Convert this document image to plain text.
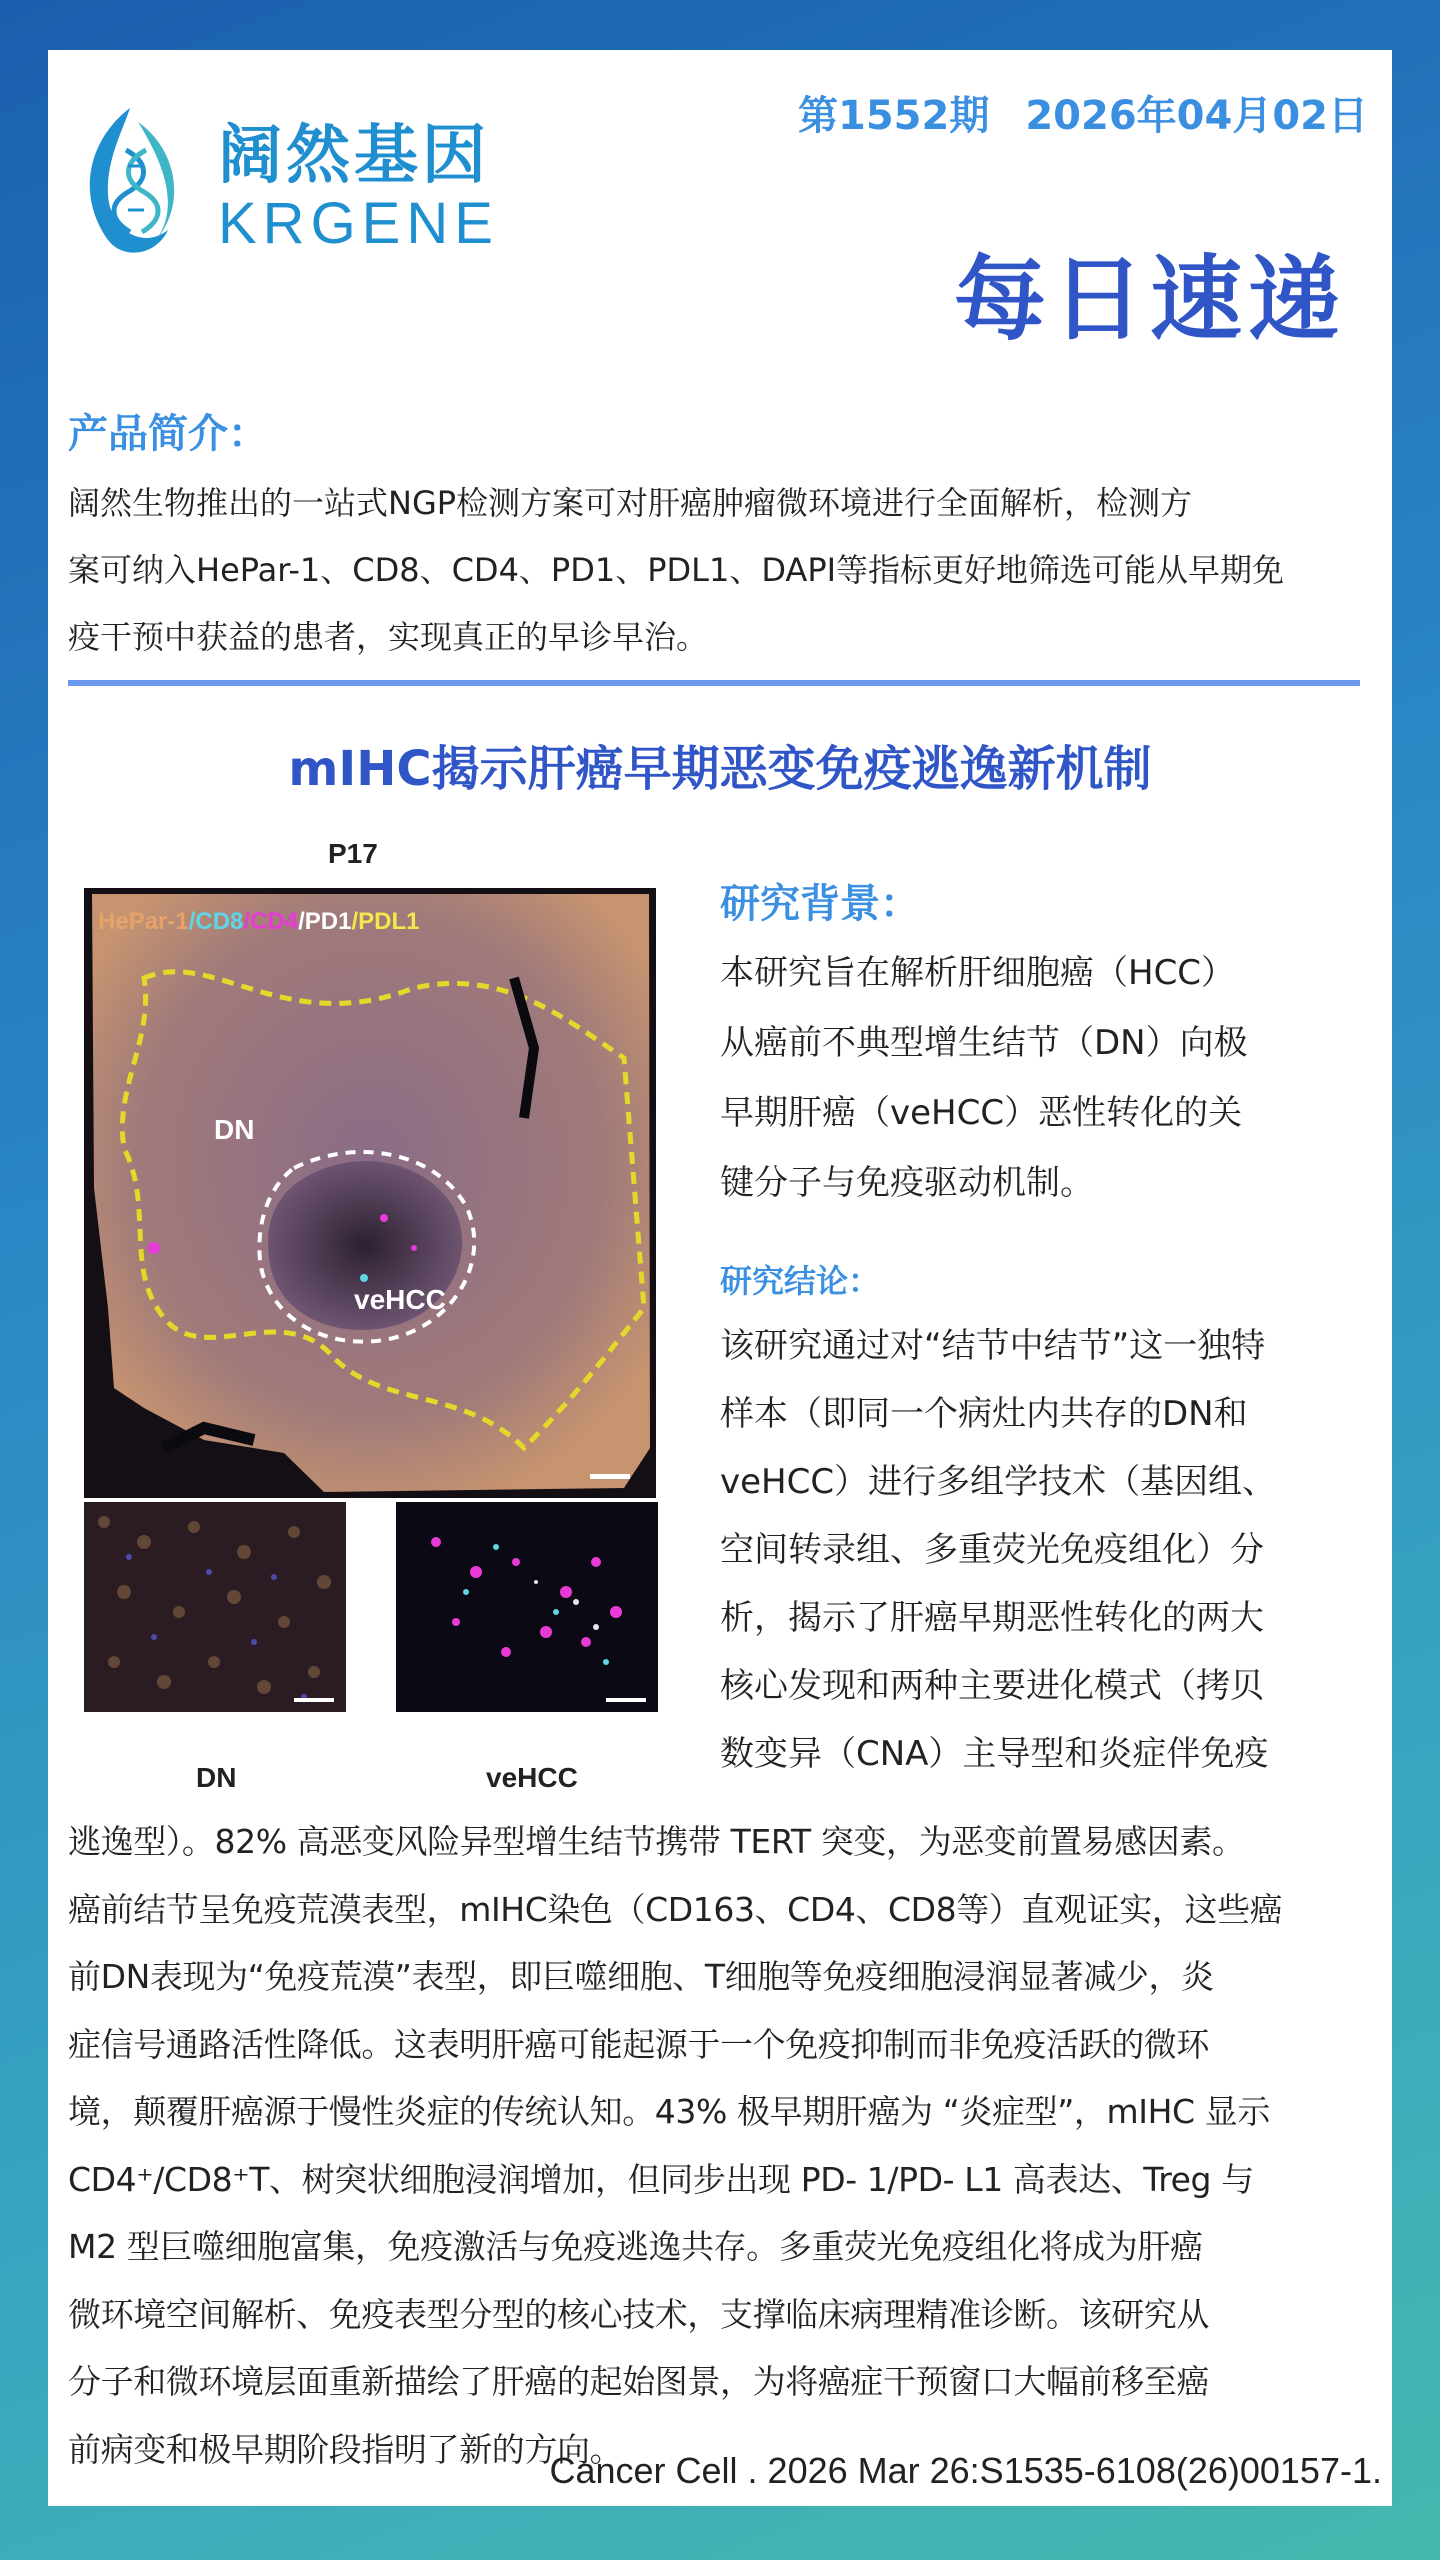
阔然基因
KRGENE
第1552期 2026年04月02日
每日速递
产品简介：
阔然生物推出的一站式NGP检测方案可对肝癌肿瘤微环境进行全面解析，检测方
案可纳入HePar-1、CD8、CD4、PD1、PDL1、DAPI等指标更好地筛选可能从早期免
疫干预中获益的患者，实现真正的早诊早治。
mIHC揭示肝癌早期恶变免疫逃逸新机制
P17
HePar-1/CD8/CD4/PD1/PDL1
DN
veHCC
DN	veHCC
研究背景：
本研究旨在解析肝细胞癌（HCC）
从癌前不典型增生结节（DN）向极
早期肝癌（veHCC）恶性转化的关
键分子与免疫驱动机制。
研究结论：
该研究通过对“结节中结节”这一独特
样本（即同一个病灶内共存的DN和
veHCC）进行多组学技术（基因组、
空间转录组、多重荧光免疫组化）分
析，揭示了肝癌早期恶性转化的两大
核心发现和两种主要进化模式（拷贝
数变异（CNA）主导型和炎症伴免疫
逃逸型）。82% 高恶变风险异型增生结节携带 TERT 突变，为恶变前置易感因素。
癌前结节呈免疫荒漠表型，mIHC染色（CD163、CD4、CD8等）直观证实，这些癌
前DN表现为“免疫荒漠”表型，即巨噬细胞、T细胞等免疫细胞浸润显著减少，炎
症信号通路活性降低。这表明肝癌可能起源于一个免疫抑制而非免疫活跃的微环
境，颠覆肝癌源于慢性炎症的传统认知。43% 极早期肝癌为 “炎症型”，mIHC 显示
CD4⁺/CD8⁺T、树突状细胞浸润增加，但同步出现 PD‑ 1/PD‑ L1 高表达、Treg 与
M2 型巨噬细胞富集，免疫激活与免疫逃逸共存。多重荧光免疫组化将成为肝癌
微环境空间解析、免疫表型分型的核心技术，支撑临床病理精准诊断。该研究从
分子和微环境层面重新描绘了肝癌的起始图景，为将癌症干预窗口大幅前移至癌
前病变和极早期阶段指明了新的方向。
Cancer Cell . 2026 Mar 26:S1535-6108(26)00157-1.
